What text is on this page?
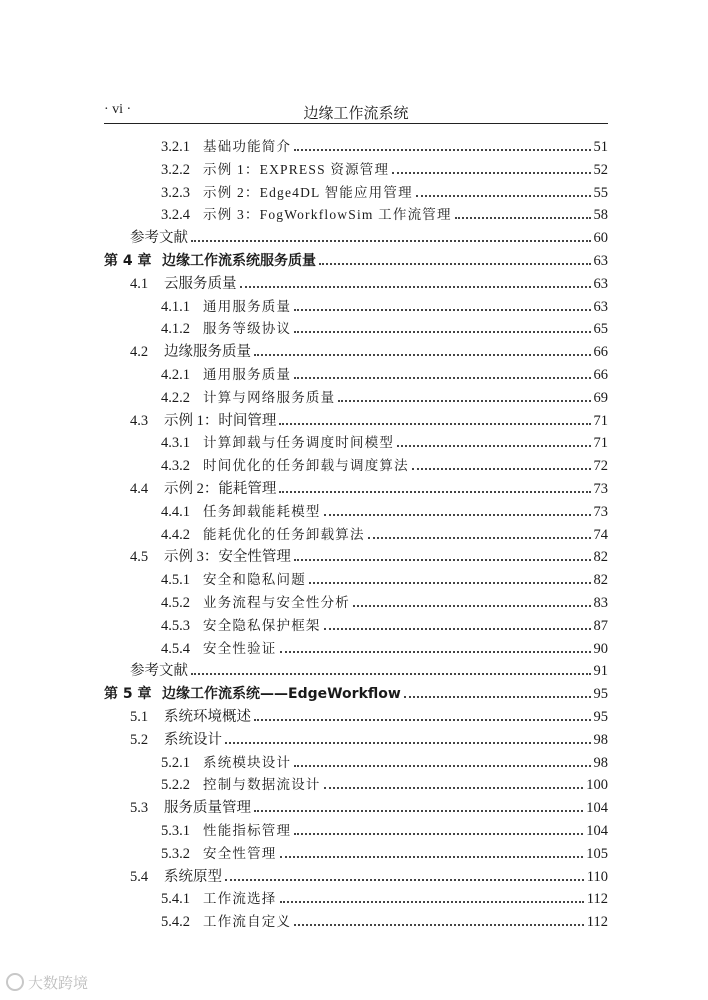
· vi ·	边缘工作流系统
3.2.1 基础功能简介	51
3.2.2 示例 1：EXPRESS 资源管理	52
3.2.3 示例 2：Edge4DL 智能应用管理	55
3.2.4 示例 3：FogWorkflowSim 工作流管理	58
参考文献	60
第 4 章 边缘工作流系统服务质量	63
4.1	云服务质量	63
4.1.1 通用服务质量	63
4.1.2 服务等级协议	65
4.2	边缘服务质量	66
4.2.1 通用服务质量	66
4.2.2 计算与网络服务质量	69
4.3	示例 1：时间管理	71
4.3.1 计算卸载与任务调度时间模型	71
4.3.2 时间优化的任务卸载与调度算法	72
4.4	示例 2：能耗管理	73
4.4.1 任务卸载能耗模型	73
4.4.2 能耗优化的任务卸载算法	74
4.5	示例 3：安全性管理	82
4.5.1 安全和隐私问题	82
4.5.2 业务流程与安全性分析	83
4.5.3 安全隐私保护框架	87
4.5.4 安全性验证	90
参考文献	91
第 5 章 边缘工作流系统——EdgeWorkflow	95
5.1	系统环境概述	95
5.2	系统设计	98
5.2.1 系统模块设计	98
5.2.2 控制与数据流设计	100
5.3	服务质量管理	104
5.3.1 性能指标管理	104
5.3.2 安全性管理	105
5.4	系统原型	110
5.4.1 工作流选择	112
5.4.2 工作流自定义	112
大数跨境
